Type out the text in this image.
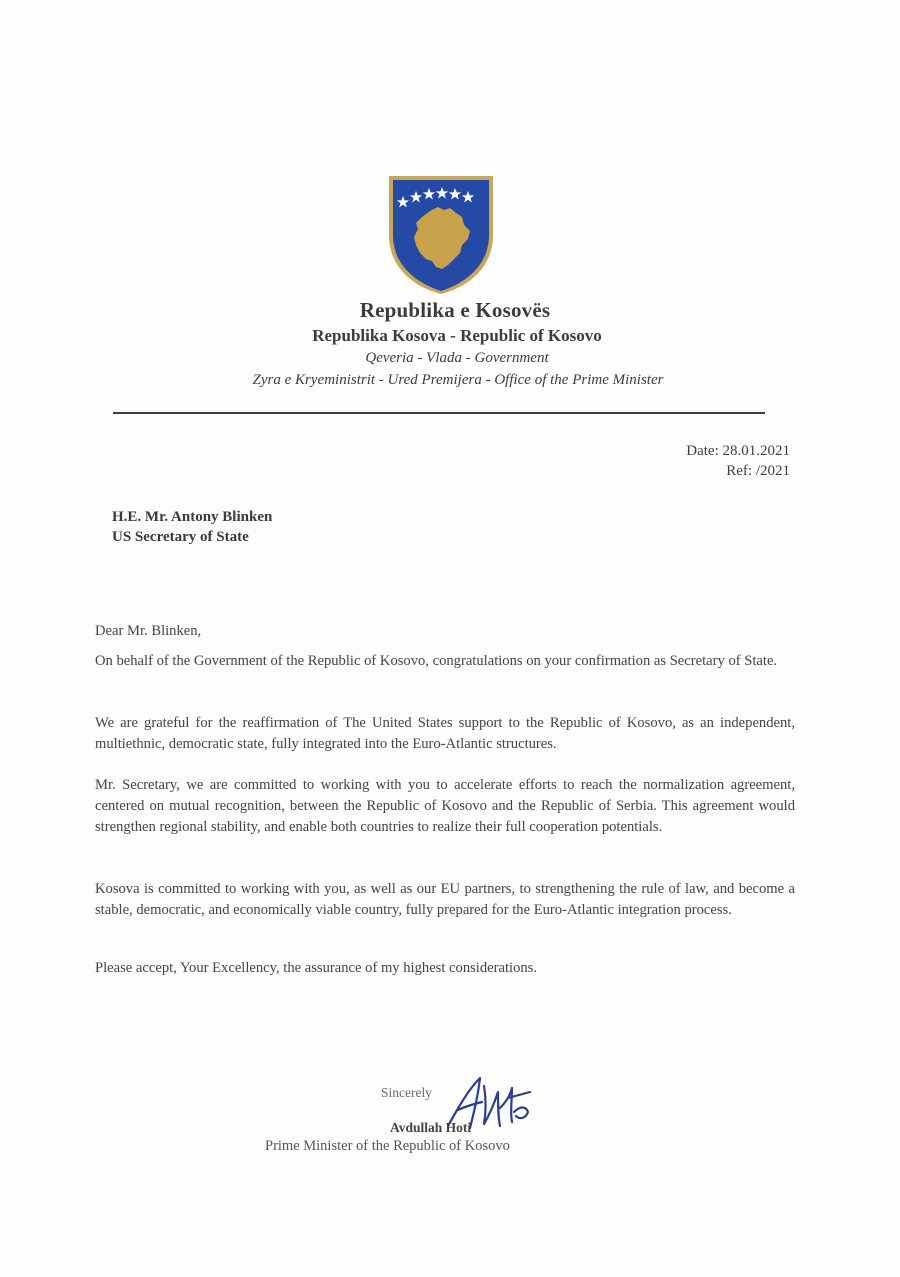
Republika e Kosovës
Republika Kosova - Republic of Kosovo
Qeveria - Vlada - Government
Zyra e Kryeministrit - Ured Premijera - Office of the Prime Minister
Date: 28.01.2021
Ref: /2021
H.E. Mr. Antony Blinken
US Secretary of State

Dear Mr. Blinken,

On behalf of the Government of the Republic of Kosovo, congratulations on your confirmation as Secretary of State.

We are grateful for the reaffirmation of The United States support to the Republic of Kosovo, as an independent, multiethnic, democratic state, fully integrated into the Euro-Atlantic structures.

Mr. Secretary, we are committed to working with you to accelerate efforts to reach the normalization agreement, centered on mutual recognition, between the Republic of Kosovo and the Republic of Serbia. This agreement would strengthen regional stability, and enable both countries to realize their full cooperation potentials.

Kosova is committed to working with you, as well as our EU partners, to strengthening the rule of law, and become a stable, democratic, and economically viable country, fully prepared for the Euro-Atlantic integration process.

Please accept, Your Excellency, the assurance of my highest considerations.

Sincerely
Avdullah Hoti
Prime Minister of the Republic of Kosovo
